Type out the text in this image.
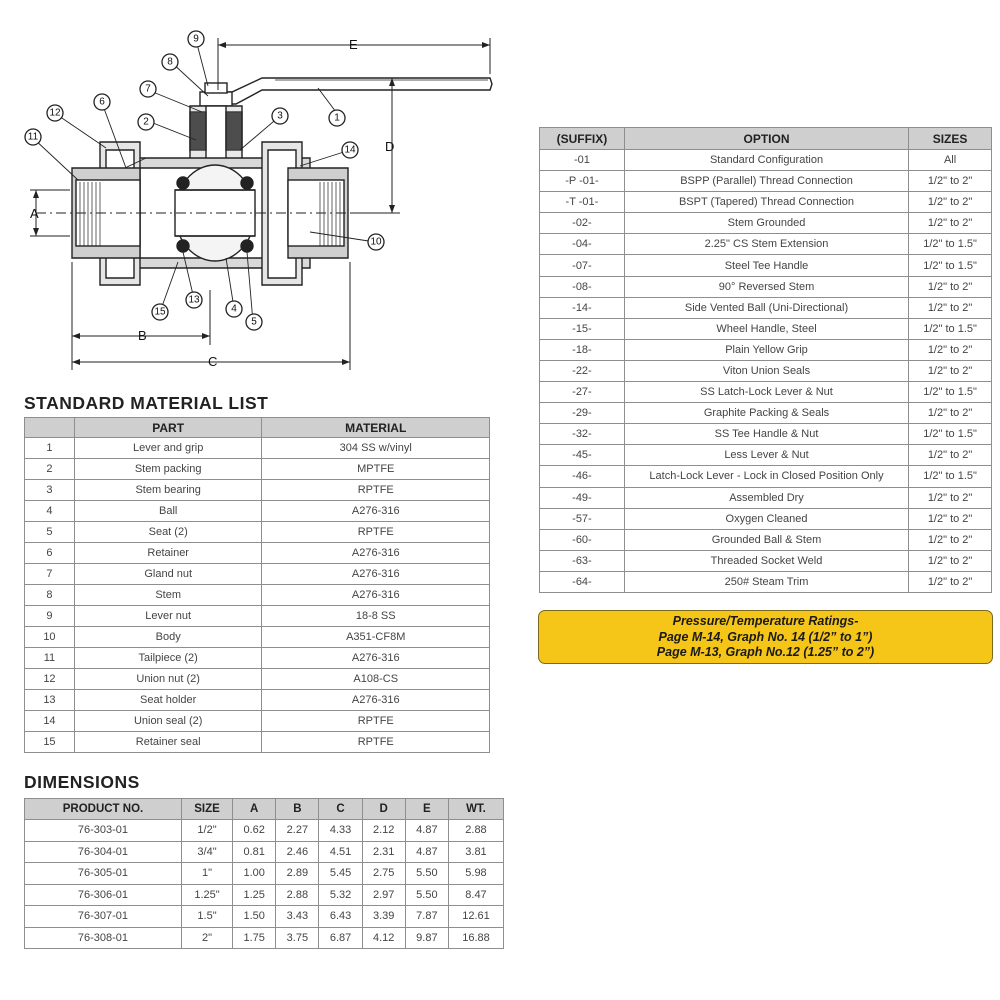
E
D
A
B
C
1
2
3
4
5
6
7
8
9
10
11
12
13
14
15
STANDARD MATERIAL LIST
	PART	MATERIAL
1	Lever and grip	304 SS w/vinyl
2	Stem packing	MPTFE
3	Stem bearing	RPTFE
4	Ball	A276-316
5	Seat (2)	RPTFE
6	Retainer	A276-316
7	Gland nut	A276-316
8	Stem	A276-316
9	Lever nut	18-8 SS
10	Body	A351-CF8M
11	Tailpiece (2)	A276-316
12	Union nut (2)	A108-CS
13	Seat holder	A276-316
14	Union seal (2)	RPTFE
15	Retainer seal	RPTFE
DIMENSIONS
PRODUCT NO.	SIZE	A	B	C	D	E	WT.
76-303-01	1/2"	0.62	2.27	4.33	2.12	4.87	2.88
76-304-01	3/4"	0.81	2.46	4.51	2.31	4.87	3.81
76-305-01	1"	1.00	2.89	5.45	2.75	5.50	5.98
76-306-01	1.25"	1.25	2.88	5.32	2.97	5.50	8.47
76-307-01	1.5"	1.50	3.43	6.43	3.39	7.87	12.61
76-308-01	2"	1.75	3.75	6.87	4.12	9.87	16.88
(SUFFIX)	OPTION	SIZES
-01	Standard Configuration	All
-P -01-	BSPP (Parallel) Thread Connection	1/2" to 2"
-T -01-	BSPT (Tapered) Thread Connection	1/2" to 2"
-02-	Stem Grounded	1/2" to 2"
-04-	2.25" CS Stem Extension	1/2" to 1.5"
-07-	Steel Tee Handle	1/2" to 1.5"
-08-	90° Reversed Stem	1/2" to 2"
-14-	Side Vented Ball (Uni-Directional)	1/2" to 2"
-15-	Wheel Handle, Steel	1/2" to 1.5"
-18-	Plain Yellow Grip	1/2" to 2"
-22-	Viton Union Seals	1/2" to 2"
-27-	SS Latch-Lock Lever & Nut	1/2" to 1.5"
-29-	Graphite Packing & Seals	1/2" to 2"
-32-	SS Tee Handle & Nut	1/2" to 1.5"
-45-	Less Lever & Nut	1/2" to 2"
-46-	Latch-Lock Lever - Lock in Closed Position Only	1/2" to 1.5"
-49-	Assembled Dry	1/2" to 2"
-57-	Oxygen Cleaned	1/2" to 2"
-60-	Grounded Ball & Stem	1/2" to 2"
-63-	Threaded Socket Weld	1/2" to 2"
-64-	250# Steam Trim	1/2" to 2"
Pressure/Temperature Ratings-
Page M-14, Graph No. 14 (1/2” to 1”)
Page M-13, Graph No.12 (1.25” to 2”)
